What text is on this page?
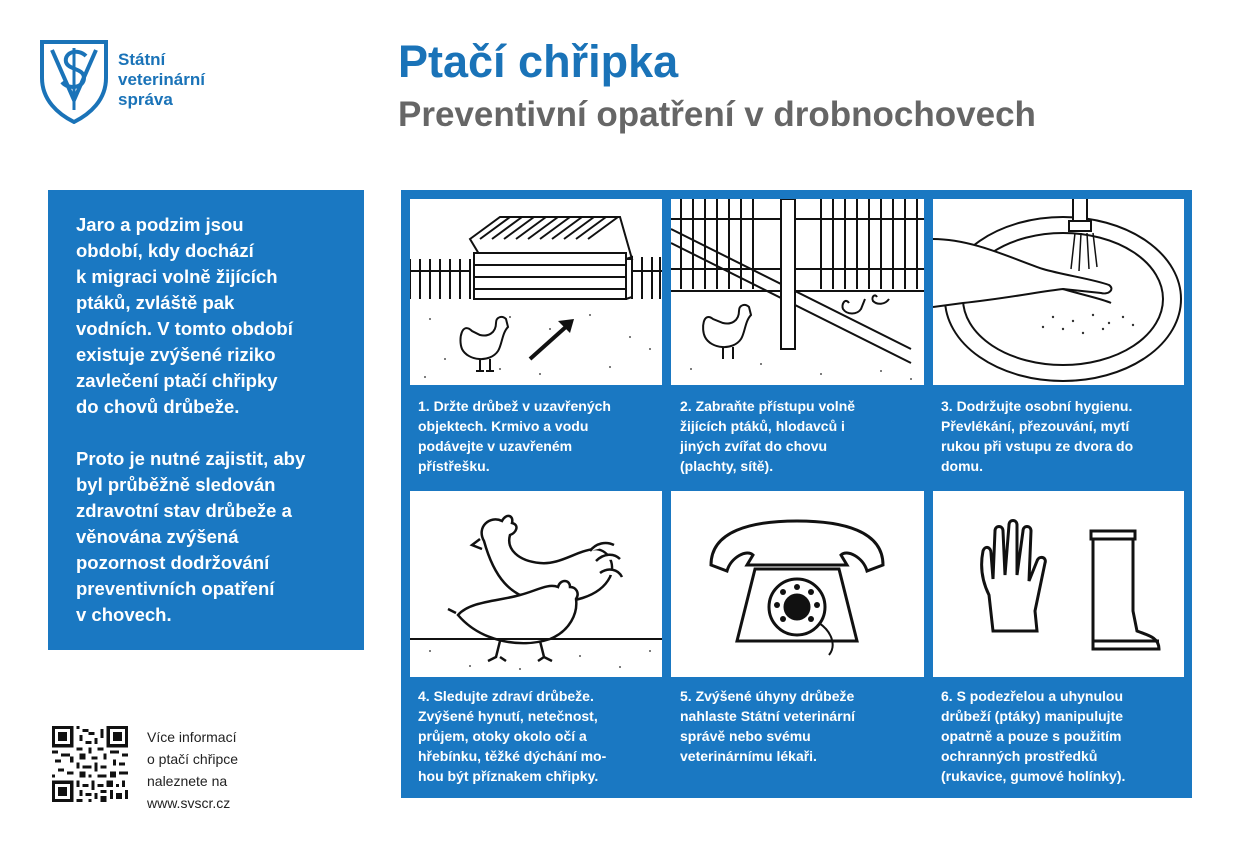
Státní
veterinární
správa
Ptačí chřipka
Preventivní opatření v drobnochovech

Jaro a podzim jsou
období, kdy dochází
k migraci volně žijících
ptáků, zvláště pak
vodních. V tomto období
existuje zvýšené riziko
zavlečení ptačí chřipky
do chovů drůbeže.

Proto je nutné zajistit, aby
byl průběžně sledován
zdravotní stav drůbeže a
věnována zvýšená
pozornost dodržování
preventivních opatření
v chovech.

1. Držte drůbež v uzavřených
objektech. Krmivo a vodu
podávejte v uzavřeném
přístřešku.
2. Zabraňte přístupu volně
žijících ptáků, hlodavců i
jiných zvířat do chovu
(plachty, sítě).
3. Dodržujte osobní hygienu.
Převlékání, přezouvání, mytí
rukou při vstupu ze dvora do
domu.
4. Sledujte zdraví drůbeže.
Zvýšené hynutí, netečnost,
průjem, otoky okolo očí a
hřebínku, těžké dýchání mo-
hou být příznakem chřipky.
5. Zvýšené úhyny drůbeže
nahlaste Státní veterinární
správě nebo svému
veterinárnímu lékaři.
6. S podezřelou a uhynulou
drůbeží (ptáky) manipulujte
opatrně a pouze s použitím
ochranných prostředků
(rukavice, gumové holínky).
Více informací
o ptačí chřipce
naleznete na
www.svscr.cz
